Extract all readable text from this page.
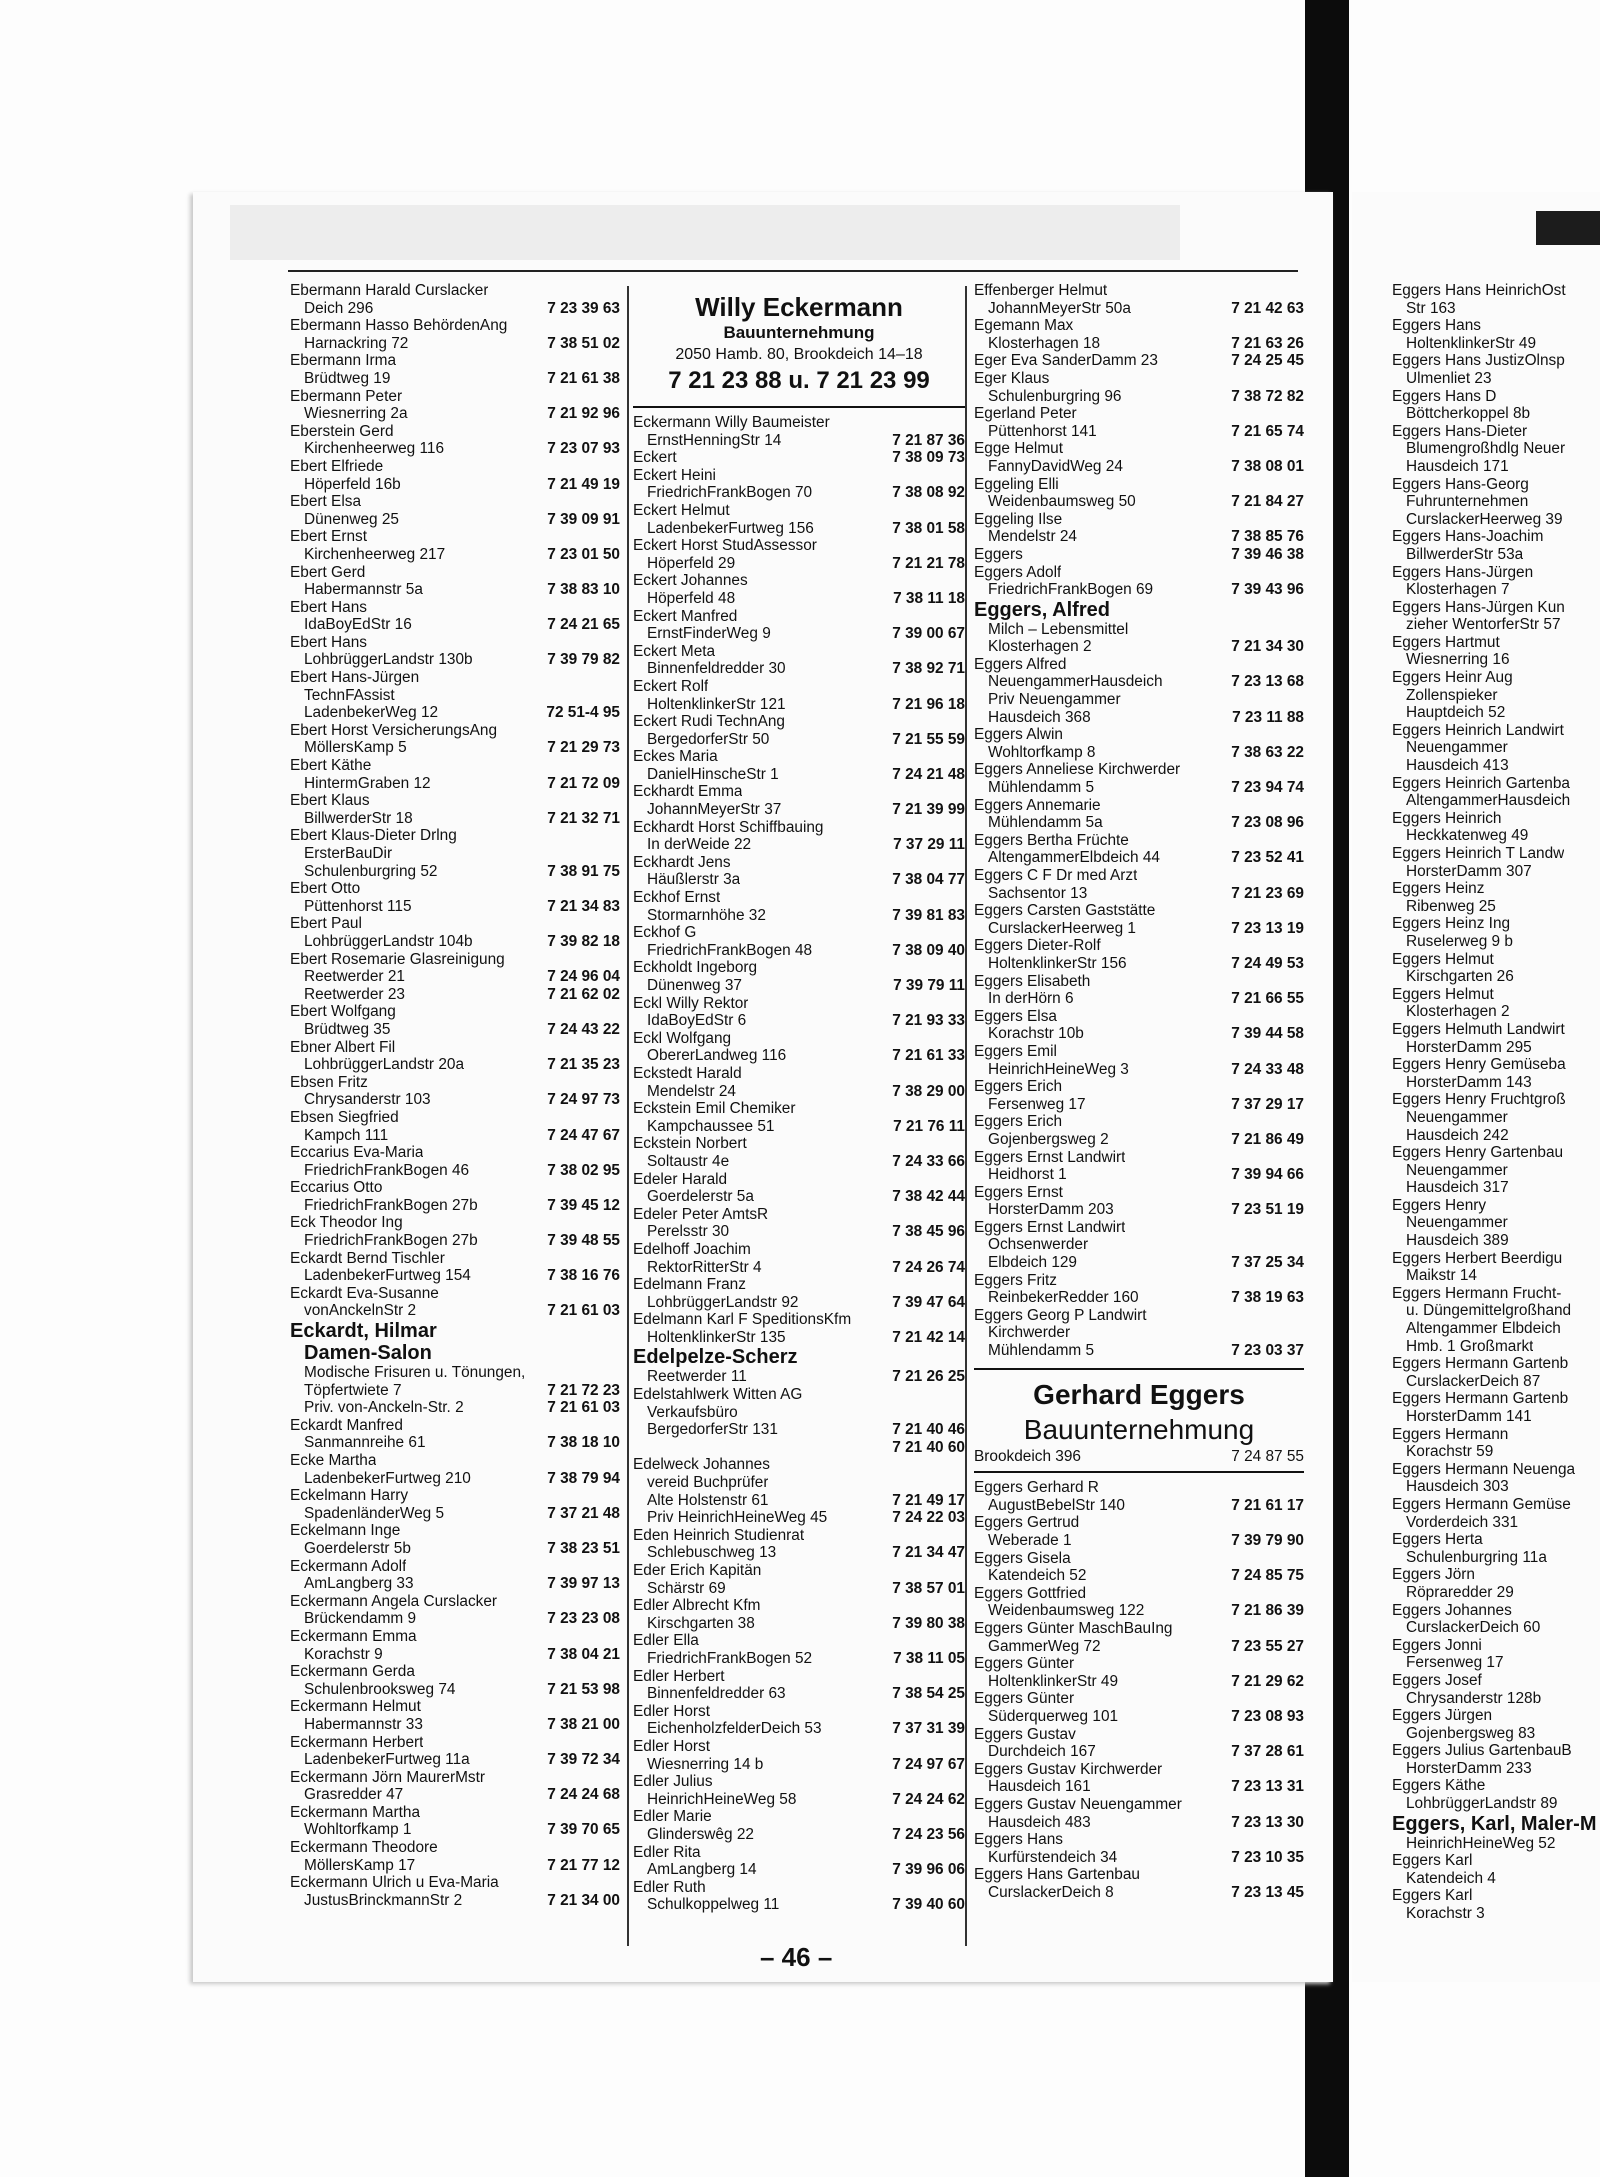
Ebermann Harald Curslacker
Deich 296	7 23 39 63
Ebermann Hasso BehördenAng
Harnackring 72	7 38 51 02
Ebermann Irma
Brüdtweg 19	7 21 61 38
Ebermann Peter
Wiesnerring 2a	7 21 92 96
Eberstein Gerd
Kirchenheerweg 116	7 23 07 93
Ebert Elfriede
Höperfeld 16b	7 21 49 19
Ebert Elsa
Dünenweg 25	7 39 09 91
Ebert Ernst
Kirchenheerweg 217	7 23 01 50
Ebert Gerd
Habermannstr 5a	7 38 83 10
Ebert Hans
IdaBoyEdStr 16	7 24 21 65
Ebert Hans
LohbrüggerLandstr 130b	7 39 79 82
Ebert Hans-Jürgen
TechnFAssist
LadenbekerWeg 12	72 51-4 95
Ebert Horst VersicherungsAng
MöllersKamp 5	7 21 29 73
Ebert Käthe
HintermGraben 12	7 21 72 09
Ebert Klaus
BillwerderStr 18	7 21 32 71
Ebert Klaus-Dieter Drlng
ErsterBauDir
Schulenburgring 52	7 38 91 75
Ebert Otto
Püttenhorst 115	7 21 34 83
Ebert Paul
LohbrüggerLandstr 104b	7 39 82 18
Ebert Rosemarie Glasreinigung
Reetwerder 21	7 24 96 04
Reetwerder 23	7 21 62 02
Ebert Wolfgang
Brüdtweg 35	7 24 43 22
Ebner Albert Fil
LohbrüggerLandstr 20a	7 21 35 23
Ebsen Fritz
Chrysanderstr 103	7 24 97 73
Ebsen Siegfried
Kampch 111	7 24 47 67
Eccarius Eva-Maria
FriedrichFrankBogen 46	7 38 02 95
Eccarius Otto
FriedrichFrankBogen 27b	7 39 45 12
Eck Theodor Ing
FriedrichFrankBogen 27b	7 39 48 55
Eckardt Bernd Tischler
LadenbekerFurtweg 154	7 38 16 76
Eckardt Eva-Susanne
vonAnckelnStr 2	7 21 61 03
Eckardt, Hilmar
Damen-Salon
Modische Frisuren u. Tönungen,
Töpfertwiete 7	7 21 72 23
Priv. von-Anckeln-Str. 2	7 21 61 03
Eckardt Manfred
Sanmannreihe 61	7 38 18 10
Ecke Martha
LadenbekerFurtweg 210	7 38 79 94
Eckelmann Harry
SpadenländerWeg 5	7 37 21 48
Eckelmann Inge
Goerdelerstr 5b	7 38 23 51
Eckermann Adolf
AmLangberg 33	7 39 97 13
Eckermann Angela Curslacker
Brückendamm 9	7 23 23 08
Eckermann Emma
Korachstr 9	7 38 04 21
Eckermann Gerda
Schulenbrooksweg 74	7 21 53 98
Eckermann Helmut
Habermannstr 33	7 38 21 00
Eckermann Herbert
LadenbekerFurtweg 11a	7 39 72 34
Eckermann Jörn MaurerMstr
Grasredder 47	7 24 24 68
Eckermann Martha
Wohltorfkamp 1	7 39 70 65
Eckermann Theodore
MöllersKamp 17	7 21 77 12
Eckermann Ulrich u Eva-Maria
JustusBrinckmannStr 2	7 21 34 00
Willy Eckermann
Bauunternehmung
2050 Hamb. 80, Brookdeich 14–18
7 21 23 88 u. 7 21 23 99
Eckermann Willy Baumeister
ErnstHenningStr 14	7 21 87 36
Eckert	7 38 09 73
Eckert Heini
FriedrichFrankBogen 70	7 38 08 92
Eckert Helmut
LadenbekerFurtweg 156	7 38 01 58
Eckert Horst StudAssessor
Höperfeld 29	7 21 21 78
Eckert Johannes
Höperfeld 48	7 38 11 18
Eckert Manfred
ErnstFinderWeg 9	7 39 00 67
Eckert Meta
Binnenfeldredder 30	7 38 92 71
Eckert Rolf
HoltenklinkerStr 121	7 21 96 18
Eckert Rudi TechnAng
BergedorferStr 50	7 21 55 59
Eckes Maria
DanielHinscheStr 1	7 24 21 48
Eckhardt Emma
JohannMeyerStr 37	7 21 39 99
Eckhardt Horst Schiffbauing
In derWeide 22	7 37 29 11
Eckhardt Jens
Häußlerstr 3a	7 38 04 77
Eckhof Ernst
Stormarnhöhe 32	7 39 81 83
Eckhof G
FriedrichFrankBogen 48	7 38 09 40
Eckholdt Ingeborg
Dünenweg 37	7 39 79 11
Eckl Willy Rektor
IdaBoyEdStr 6	7 21 93 33
Eckl Wolfgang
ObererLandweg 116	7 21 61 33
Eckstedt Harald
Mendelstr 24	7 38 29 00
Eckstein Emil Chemiker
Kampchaussee 51	7 21 76 11
Eckstein Norbert
Soltaustr 4e	7 24 33 66
Edeler Harald
Goerdelerstr 5a	7 38 42 44
Edeler Peter AmtsR
Perelsstr 30	7 38 45 96
Edelhoff Joachim
RektorRitterStr 4	7 24 26 74
Edelmann Franz
LohbrüggerLandstr 92	7 39 47 64
Edelmann Karl F SpeditionsKfm
HoltenklinkerStr 135	7 21 42 14
Edelpelze-Scherz
Reetwerder 11	7 21 26 25
Edelstahlwerk Witten AG
Verkaufsbüro
BergedorferStr 131	7 21 40 46
7 21 40 60
Edelweck Johannes
vereid Buchprüfer
Alte Holstenstr 61	7 21 49 17
Priv HeinrichHeineWeg 45	7 24 22 03
Eden Heinrich Studienrat
Schlebuschweg 13	7 21 34 47
Eder Erich Kapitän
Schärstr 69	7 38 57 01
Edler Albrecht Kfm
Kirschgarten 38	7 39 80 38
Edler Ella
FriedrichFrankBogen 52	7 38 11 05
Edler Herbert
Binnenfeldredder 63	7 38 54 25
Edler Horst
EichenholzfelderDeich 53	7 37 31 39
Edler Horst
Wiesnerring 14 b	7 24 97 67
Edler Julius
HeinrichHeineWeg 58	7 24 24 62
Edler Marie
Glinderswêg 22	7 24 23 56
Edler Rita
AmLangberg 14	7 39 96 06
Edler Ruth
Schulkoppelweg 11	7 39 40 60
Effenberger Helmut
JohannMeyerStr 50a	7 21 42 63
Egemann Max
Klosterhagen 18	7 21 63 26
Eger Eva SanderDamm 23	7 24 25 45
Eger Klaus
Schulenburgring 96	7 38 72 82
Egerland Peter
Püttenhorst 141	7 21 65 74
Egge Helmut
FannyDavidWeg 24	7 38 08 01
Eggeling Elli
Weidenbaumsweg 50	7 21 84 27
Eggeling Ilse
Mendelstr 24	7 38 85 76
Eggers	7 39 46 38
Eggers Adolf
FriedrichFrankBogen 69	7 39 43 96
Eggers, Alfred
Milch – Lebensmittel
Klosterhagen 2	7 21 34 30
Eggers Alfred
NeuengammerHausdeich	7 23 13 68
Priv Neuengammer
Hausdeich 368	7 23 11 88
Eggers Alwin
Wohltorfkamp 8	7 38 63 22
Eggers Anneliese Kirchwerder
Mühlendamm 5	7 23 94 74
Eggers Annemarie
Mühlendamm 5a	7 23 08 96
Eggers Bertha Früchte
AltengammerElbdeich 44	7 23 52 41
Eggers C F Dr med Arzt
Sachsentor 13	7 21 23 69
Eggers Carsten Gaststätte
CurslackerHeerweg 1	7 23 13 19
Eggers Dieter-Rolf
HoltenklinkerStr 156	7 24 49 53
Eggers Elisabeth
In derHörn 6	7 21 66 55
Eggers Elsa
Korachstr 10b	7 39 44 58
Eggers Emil
HeinrichHeineWeg 3	7 24 33 48
Eggers Erich
Fersenweg 17	7 37 29 17
Eggers Erich
Gojenbergsweg 2	7 21 86 49
Eggers Ernst Landwirt
Heidhorst 1	7 39 94 66
Eggers Ernst
HorsterDamm 203	7 23 51 19
Eggers Ernst Landwirt
Ochsenwerder
Elbdeich 129	7 37 25 34
Eggers Fritz
ReinbekerRedder 160	7 38 19 63
Eggers Georg P Landwirt
Kirchwerder
Mühlendamm 5	7 23 03 37
Gerhard Eggers
Bauunternehmung
Brookdeich 396	7 24 87 55
Eggers Gerhard R
AugustBebelStr 140	7 21 61 17
Eggers Gertrud
Weberade 1	7 39 79 90
Eggers Gisela
Katendeich 52	7 24 85 75
Eggers Gottfried
Weidenbaumsweg 122	7 21 86 39
Eggers Günter MaschBauIng
GammerWeg 72	7 23 55 27
Eggers Günter
HoltenklinkerStr 49	7 21 29 62
Eggers Günter
Süderquerweg 101	7 23 08 93
Eggers Gustav
Durchdeich 167	7 37 28 61
Eggers Gustav Kirchwerder
Hausdeich 161	7 23 13 31
Eggers Gustav Neuengammer
Hausdeich 483	7 23 13 30
Eggers Hans
Kurfürstendeich 34	7 23 10 35
Eggers Hans Gartenbau
CurslackerDeich 8	7 23 13 45
Eggers Hans HeinrichOst
Str 163
Eggers Hans
HoltenklinkerStr 49
Eggers Hans JustizOlnsp
Ulmenliet 23
Eggers Hans D
Böttcherkoppel 8b
Eggers Hans-Dieter
Blumengroßhdlg Neuer
Hausdeich 171
Eggers Hans-Georg
Fuhrunternehmen
CurslackerHeerweg 39
Eggers Hans-Joachim
BillwerderStr 53a
Eggers Hans-Jürgen
Klosterhagen 7
Eggers Hans-Jürgen Kun
zieher WentorferStr 57
Eggers Hartmut
Wiesnerring 16
Eggers Heinr Aug
Zollenspieker
Hauptdeich 52
Eggers Heinrich Landwirt
Neuengammer
Hausdeich 413
Eggers Heinrich Gartenba
AltengammerHausdeich
Eggers Heinrich
Heckkatenweg 49
Eggers Heinrich T Landw
HorsterDamm 307
Eggers Heinz
Ribenweg 25
Eggers Heinz Ing
Ruselerweg 9 b
Eggers Helmut
Kirschgarten 26
Eggers Helmut
Klosterhagen 2
Eggers Helmuth Landwirt
HorsterDamm 295
Eggers Henry Gemüseba
HorsterDamm 143
Eggers Henry Fruchtgroß
Neuengammer
Hausdeich 242
Eggers Henry Gartenbau
Neuengammer
Hausdeich 317
Eggers Henry
Neuengammer
Hausdeich 389
Eggers Herbert Beerdigu
Maikstr 14
Eggers Hermann Frucht-
u. Düngemittelgroßhand
Altengammer Elbdeich
Hmb. 1 Großmarkt
Eggers Hermann Gartenb
CurslackerDeich 87
Eggers Hermann Gartenb
HorsterDamm 141
Eggers Hermann
Korachstr 59
Eggers Hermann Neuenga
Hausdeich 303
Eggers Hermann Gemüse
Vorderdeich 331
Eggers Herta
Schulenburgring 11a
Eggers Jörn
Röpraredder 29
Eggers Johannes
CurslackerDeich 60
Eggers Jonni
Fersenweg 17
Eggers Josef
Chrysanderstr 128b
Eggers Jürgen
Gojenbergsweg 83
Eggers Julius GartenbauB
HorsterDamm 233
Eggers Käthe
LohbrüggerLandstr 89
Eggers, Karl, Maler-M
HeinrichHeineWeg 52
Eggers Karl
Katendeich 4
Eggers Karl
Korachstr 3
– 46 –
